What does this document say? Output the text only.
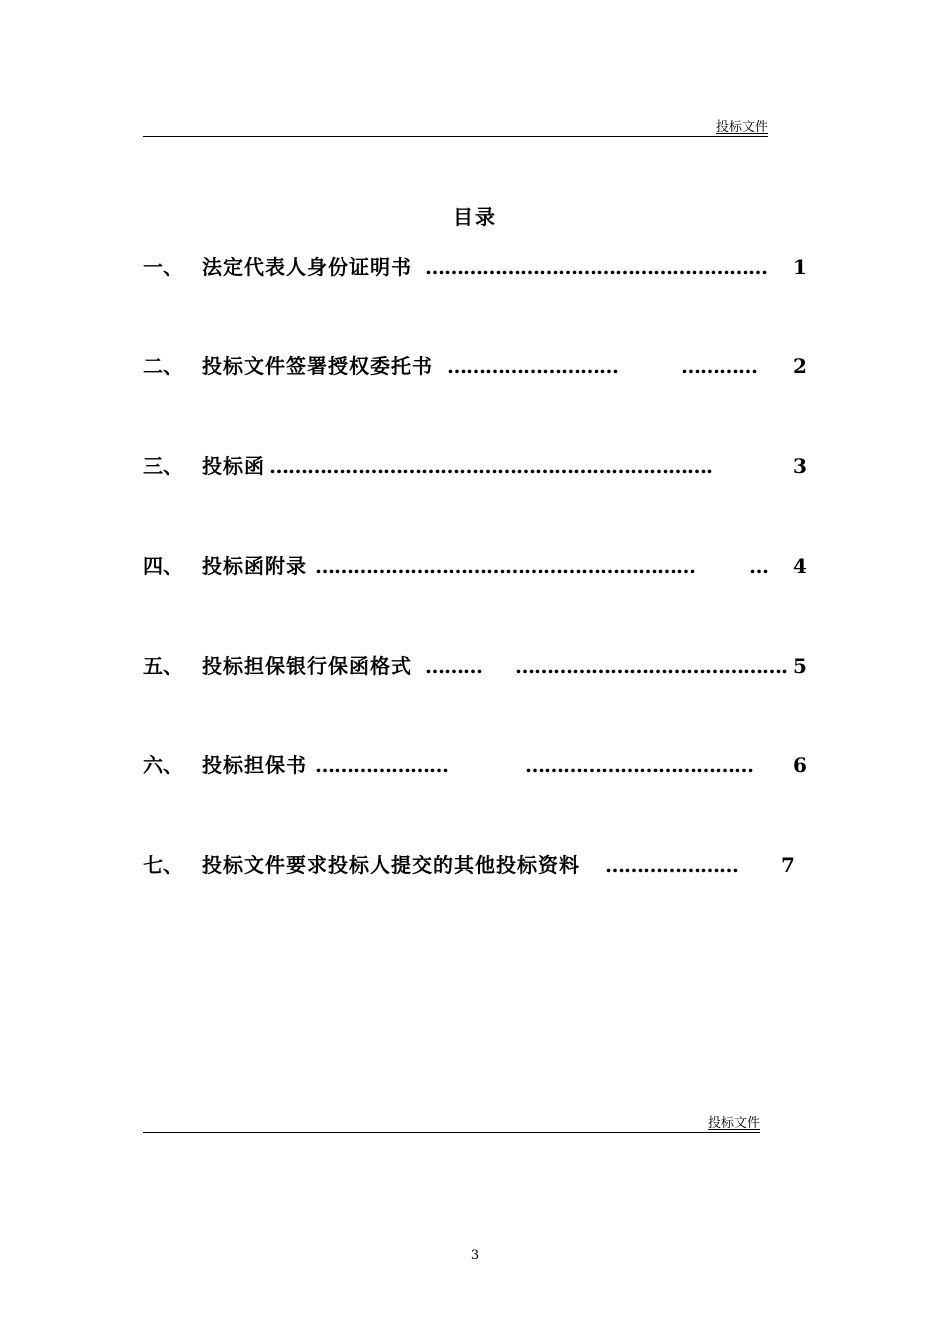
投标文件
目录
一、 法定代表人身份证明书 ………………………………………………	1
二、 投标文件签署授权委托书 ………………………	…………	2
三、 投标函 …………………………………………………………….	3
四、 投标函附录 ……………………………………………………	…	4
五、 投标担保银行保函格式 ………	……………………………………. 5
六、 投标担保书 …………………	………………………………	6
七、 投标文件要求投标人提交的其他投标资料 …………………	7
投标文件
3
